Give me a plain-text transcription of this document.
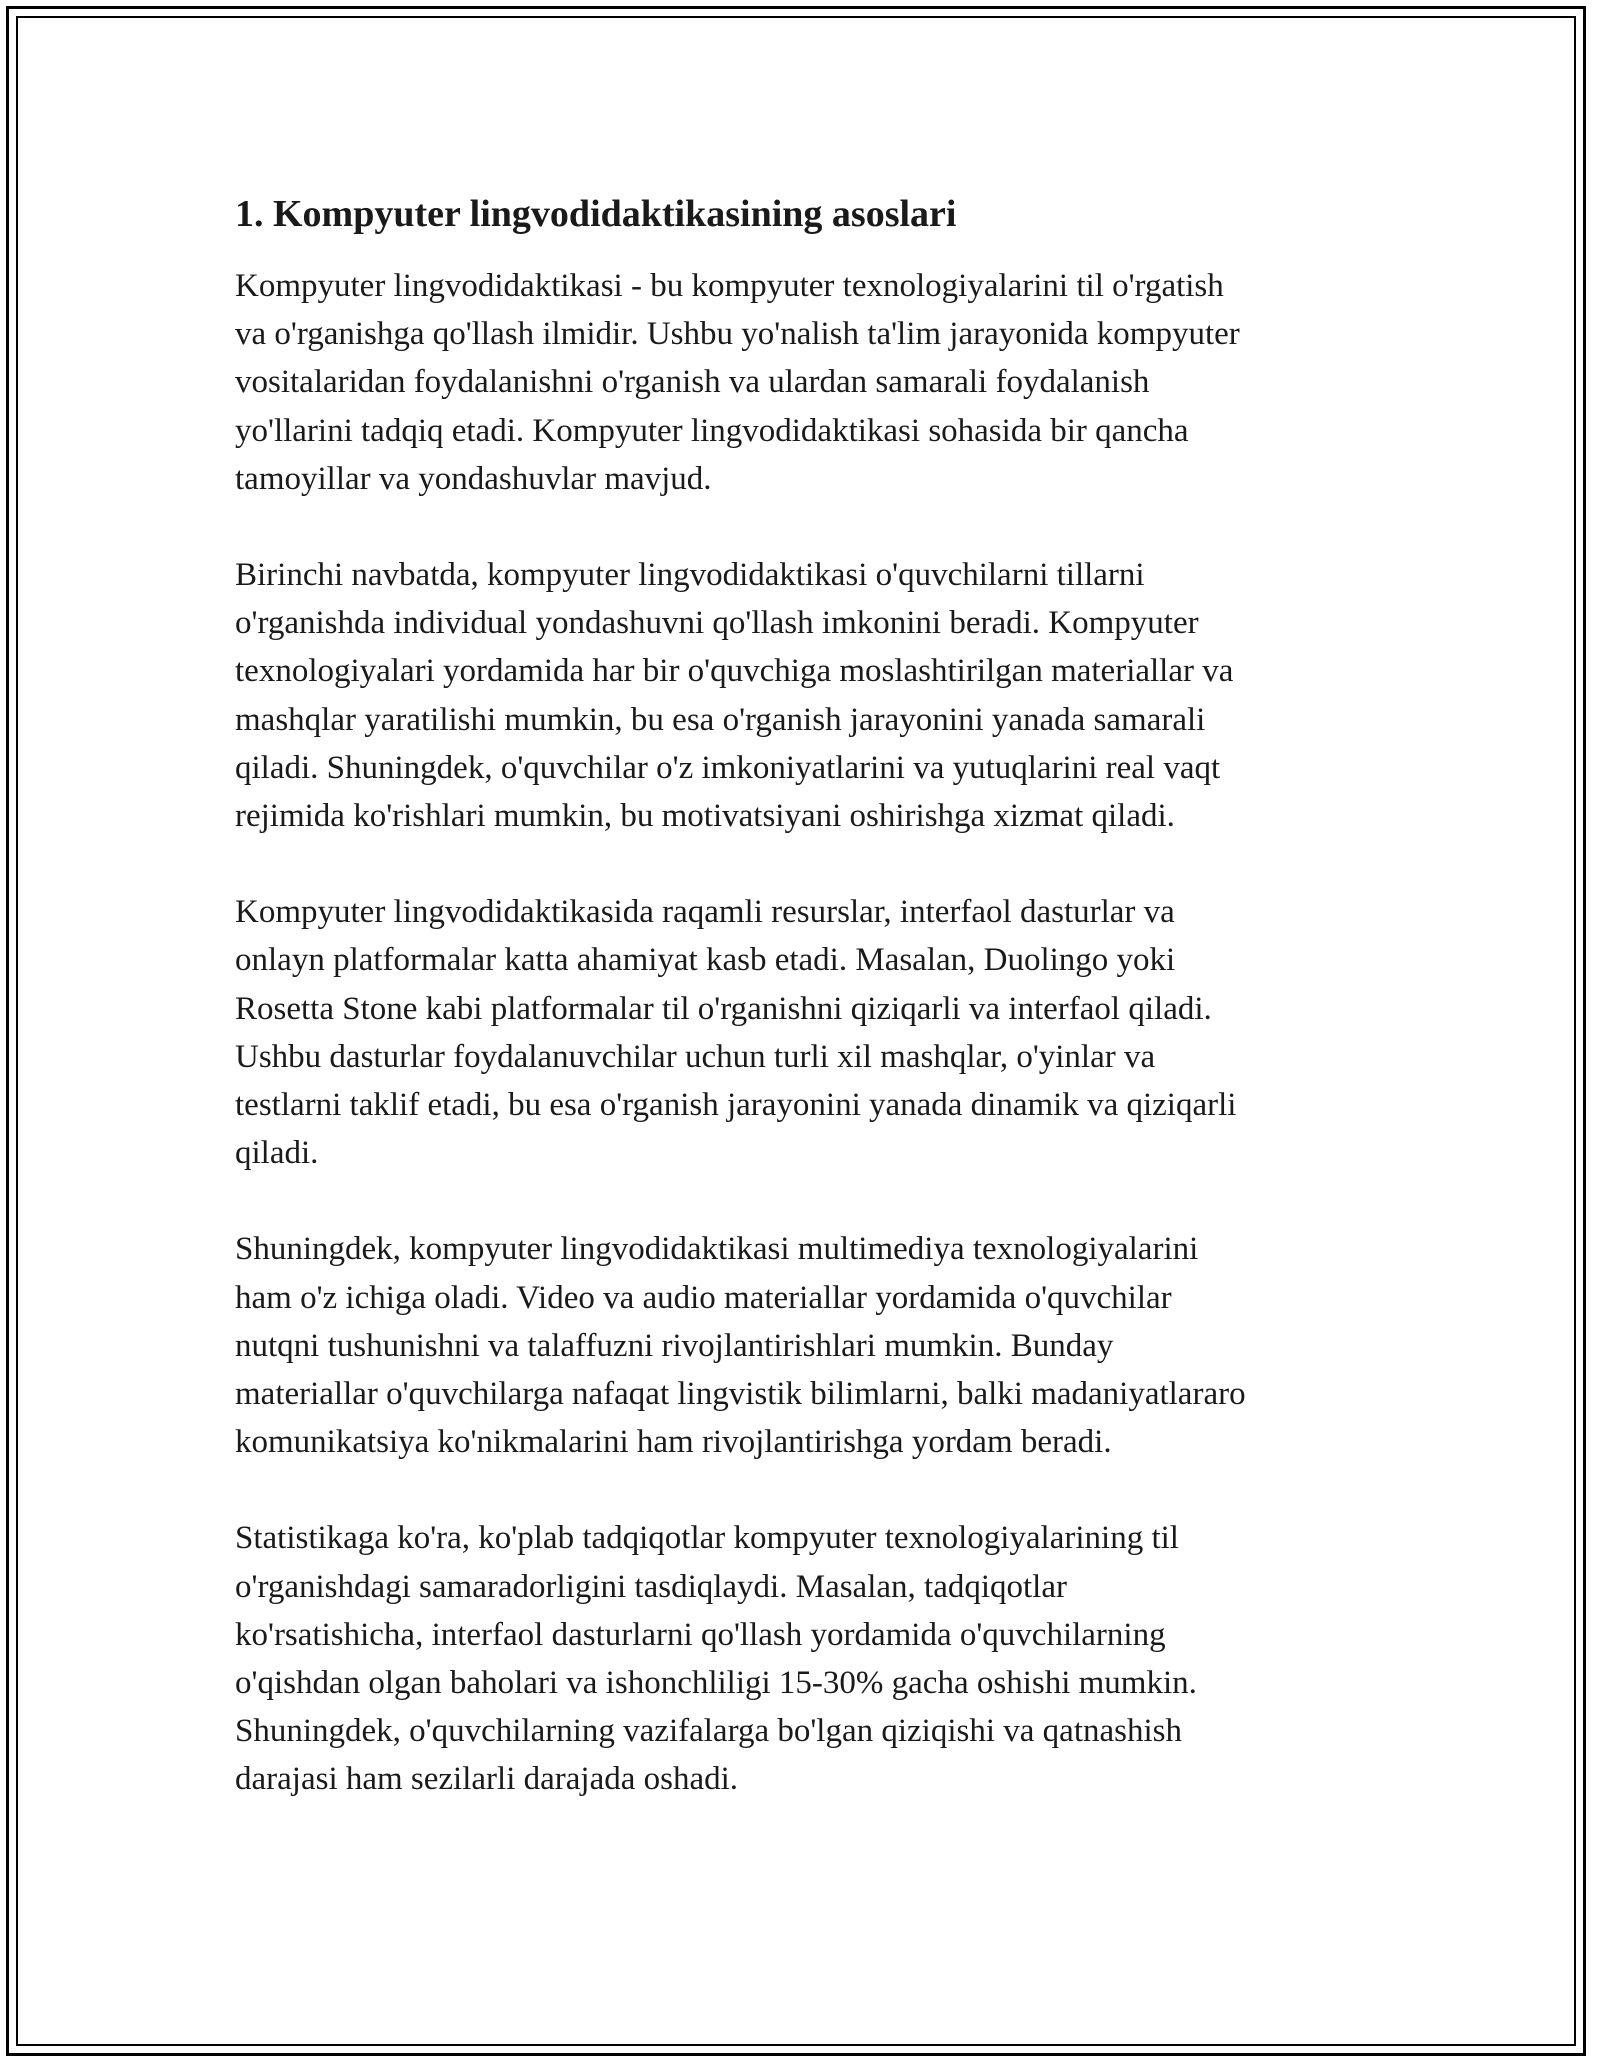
1. Kompyuter lingvodidaktikasining asoslari

Kompyuter lingvodidaktikasi - bu kompyuter texnologiyalarini til o'rgatish
va o'rganishga qo'llash ilmidir. Ushbu yo'nalish ta'lim jarayonida kompyuter
vositalaridan foydalanishni o'rganish va ulardan samarali foydalanish
yo'llarini tadqiq etadi. Kompyuter lingvodidaktikasi sohasida bir qancha
tamoyillar va yondashuvlar mavjud.

Birinchi navbatda, kompyuter lingvodidaktikasi o'quvchilarni tillarni
o'rganishda individual yondashuvni qo'llash imkonini beradi. Kompyuter
texnologiyalari yordamida har bir o'quvchiga moslashtirilgan materiallar va
mashqlar yaratilishi mumkin, bu esa o'rganish jarayonini yanada samarali
qiladi. Shuningdek, o'quvchilar o'z imkoniyatlarini va yutuqlarini real vaqt
rejimida ko'rishlari mumkin, bu motivatsiyani oshirishga xizmat qiladi.

Kompyuter lingvodidaktikasida raqamli resurslar, interfaol dasturlar va
onlayn platformalar katta ahamiyat kasb etadi. Masalan, Duolingo yoki
Rosetta Stone kabi platformalar til o'rganishni qiziqarli va interfaol qiladi.
Ushbu dasturlar foydalanuvchilar uchun turli xil mashqlar, o'yinlar va
testlarni taklif etadi, bu esa o'rganish jarayonini yanada dinamik va qiziqarli
qiladi.

Shuningdek, kompyuter lingvodidaktikasi multimediya texnologiyalarini
ham o'z ichiga oladi. Video va audio materiallar yordamida o'quvchilar
nutqni tushunishni va talaffuzni rivojlantirishlari mumkin. Bunday
materiallar o'quvchilarga nafaqat lingvistik bilimlarni, balki madaniyatlararo
komunikatsiya ko'nikmalarini ham rivojlantirishga yordam beradi.

Statistikaga ko'ra, ko'plab tadqiqotlar kompyuter texnologiyalarining til
o'rganishdagi samaradorligini tasdiqlaydi. Masalan, tadqiqotlar
ko'rsatishicha, interfaol dasturlarni qo'llash yordamida o'quvchilarning
o'qishdan olgan baholari va ishonchliligi 15-30% gacha oshishi mumkin.
Shuningdek, o'quvchilarning vazifalarga bo'lgan qiziqishi va qatnashish
darajasi ham sezilarli darajada oshadi.
